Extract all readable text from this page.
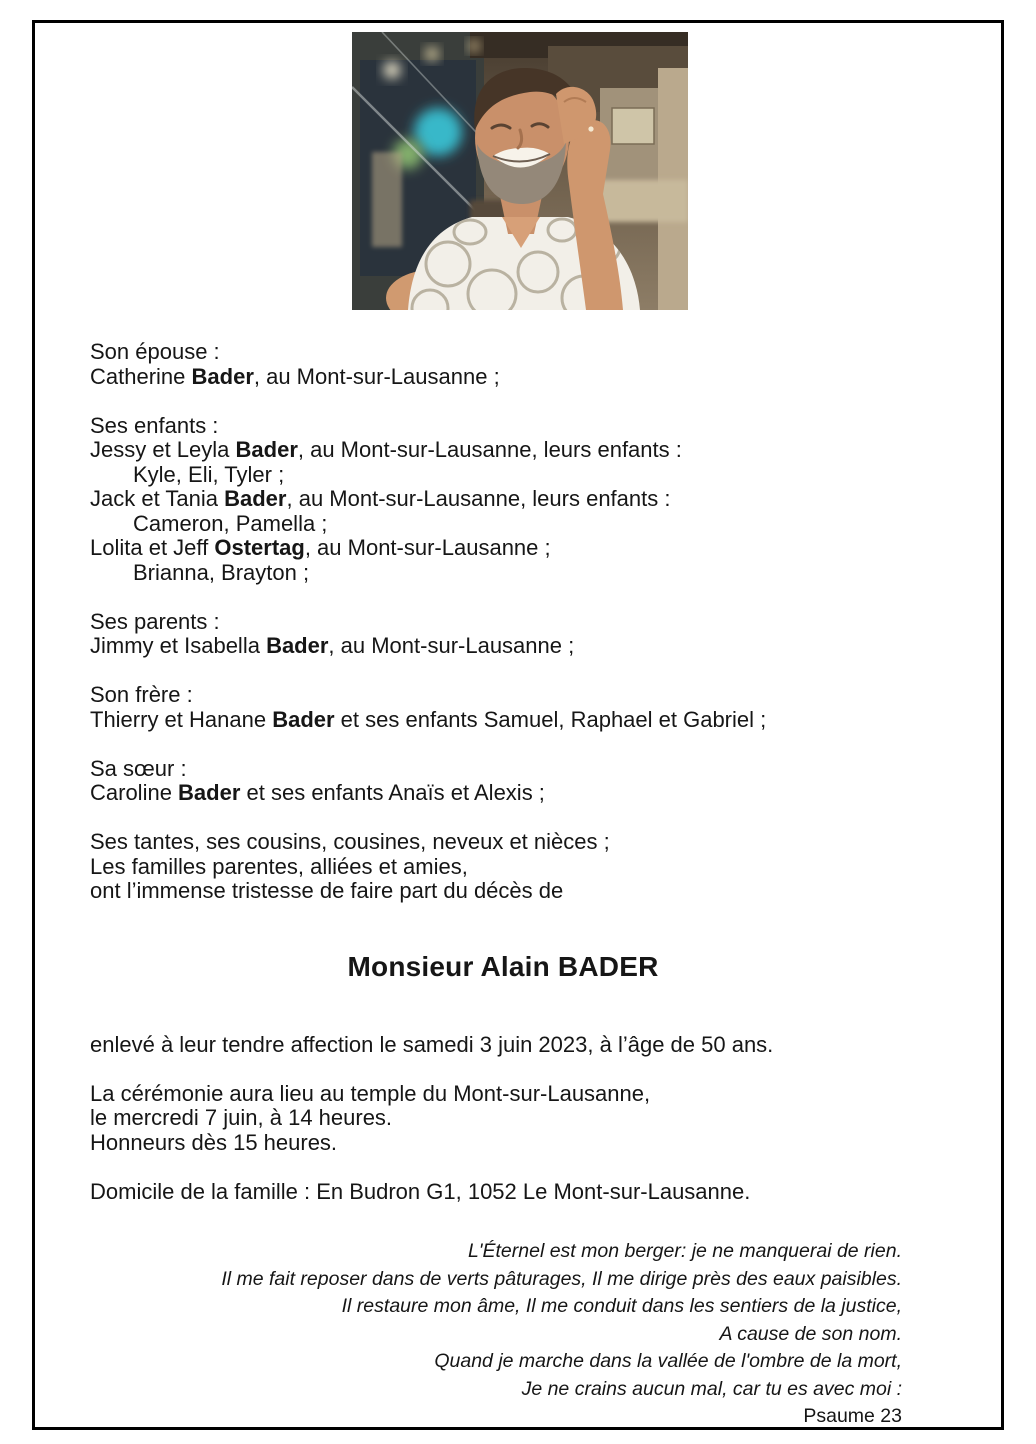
Son épouse :
Catherine Bader, au Mont-sur-Lausanne ;
Ses enfants :
Jessy et Leyla Bader, au Mont-sur-Lausanne, leurs enfants :
Kyle, Eli, Tyler ;
Jack et Tania Bader, au Mont-sur-Lausanne, leurs enfants :
Cameron, Pamella ;
Lolita et Jeff Ostertag, au Mont-sur-Lausanne ;
Brianna, Brayton ;
Ses parents :
Jimmy et Isabella Bader, au Mont-sur-Lausanne ;
Son frère :
Thierry et Hanane Bader et ses enfants Samuel, Raphael et Gabriel ;
Sa sœur :
Caroline Bader et ses enfants Anaïs et Alexis ;
Ses tantes, ses cousins, cousines, neveux et nièces ;
Les familles parentes, alliées et amies,
ont l’immense tristesse de faire part du décès de
Monsieur Alain BADER
enlevé à leur tendre affection le samedi 3 juin 2023, à l’âge de 50 ans.
La cérémonie aura lieu au temple du Mont-sur-Lausanne,
le mercredi 7 juin, à 14 heures.
Honneurs dès 15 heures.
Domicile de la famille : En Budron G1, 1052 Le Mont-sur-Lausanne.
L'Éternel est mon berger: je ne manquerai de rien.
Il me fait reposer dans de verts pâturages, Il me dirige près des eaux paisibles.
Il restaure mon âme, Il me conduit dans les sentiers de la justice,
A cause de son nom.
Quand je marche dans la vallée de l'ombre de la mort,
Je ne crains aucun mal, car tu es avec moi :
Psaume 23
